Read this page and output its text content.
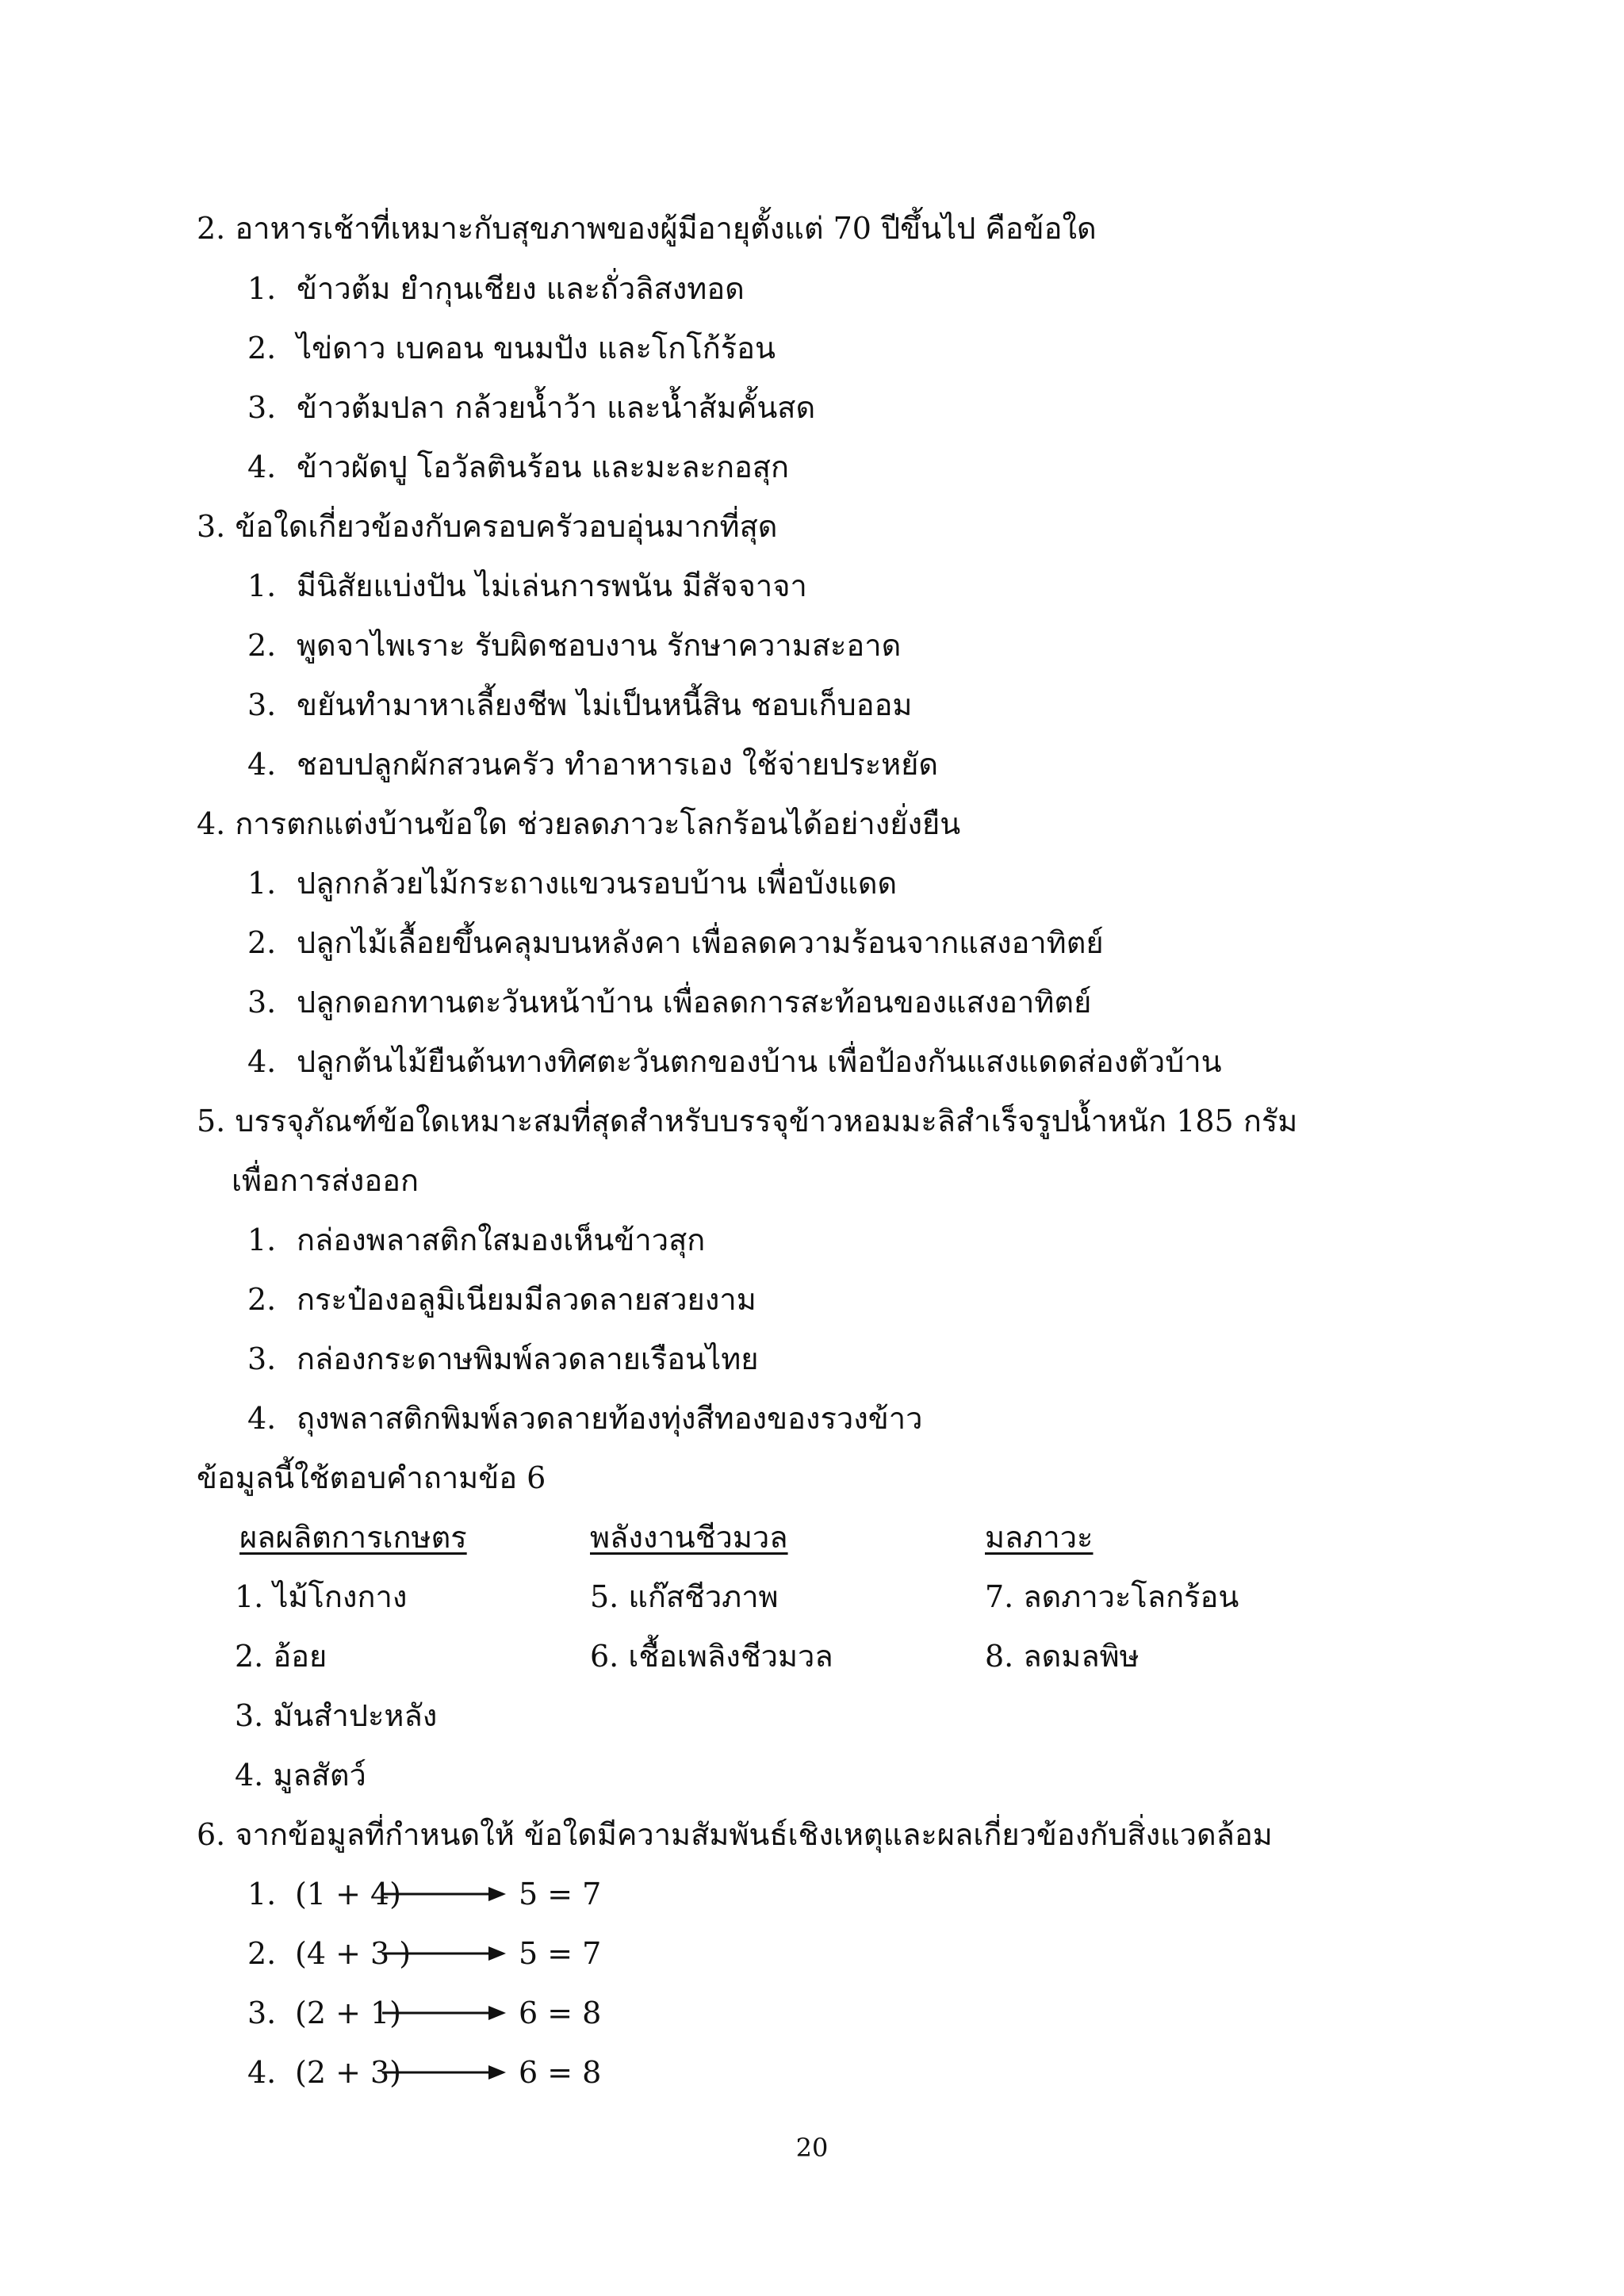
2. อาหารเช้าที่เหมาะกับสุขภาพของผู้มีอายุตั้งแต่ 70 ปีขึ้นไป คือข้อใด
1. ข้าวต้ม ยำกุนเชียง และถั่วลิสงทอด
2. ไข่ดาว เบคอน ขนมปัง และโกโก้ร้อน
3. ข้าวต้มปลา กล้วยน้ำว้า และน้ำส้มคั้นสด
4. ข้าวผัดปู โอวัลตินร้อน และมะละกอสุก
3. ข้อใดเกี่ยวข้องกับครอบครัวอบอุ่นมากที่สุด
1. มีนิสัยแบ่งปัน ไม่เล่นการพนัน มีสัจจาจา
2. พูดจาไพเราะ รับผิดชอบงาน รักษาความสะอาด
3. ขยันทำมาหาเลี้ยงชีพ ไม่เป็นหนี้สิน ชอบเก็บออม
4. ชอบปลูกผักสวนครัว ทำอาหารเอง ใช้จ่ายประหยัด
4. การตกแต่งบ้านข้อใด ช่วยลดภาวะโลกร้อนได้อย่างยั่งยืน
1. ปลูกกล้วยไม้กระถางแขวนรอบบ้าน เพื่อบังแดด
2. ปลูกไม้เลื้อยขึ้นคลุมบนหลังคา เพื่อลดความร้อนจากแสงอาทิตย์
3. ปลูกดอกทานตะวันหน้าบ้าน เพื่อลดการสะท้อนของแสงอาทิตย์
4. ปลูกต้นไม้ยืนต้นทางทิศตะวันตกของบ้าน เพื่อป้องกันแสงแดดส่องตัวบ้าน
5. บรรจุภัณฑ์ข้อใดเหมาะสมที่สุดสำหรับบรรจุข้าวหอมมะลิสำเร็จรูปน้ำหนัก 185 กรัม
เพื่อการส่งออก
1. กล่องพลาสติกใสมองเห็นข้าวสุก
2. กระป๋องอลูมิเนียมมีลวดลายสวยงาม
3. กล่องกระดาษพิมพ์ลวดลายเรือนไทย
4. ถุงพลาสติกพิมพ์ลวดลายท้องทุ่งสีทองของรวงข้าว
ข้อมูลนี้ใช้ตอบคำถามข้อ 6
ผลผลิตการเกษตร	พลังงานชีวมวล	มลภาวะ
1. ไม้โกงกาง	5. แก๊สชีวภาพ	7. ลดภาวะโลกร้อน
2. อ้อย	6. เชื้อเพลิงชีวมวล	8. ลดมลพิษ
3. มันสำปะหลัง
4. มูลสัตว์
6. จากข้อมูลที่กำหนดให้ ข้อใดมีความสัมพันธ์เชิงเหตุและผลเกี่ยวข้องกับสิ่งแวดล้อม
1. (1 + 4)	5 = 7
2. (4 + 3 )	5 = 7
3. (2 + 1)	6 = 8
4. (2 + 3)	6 = 8
20
